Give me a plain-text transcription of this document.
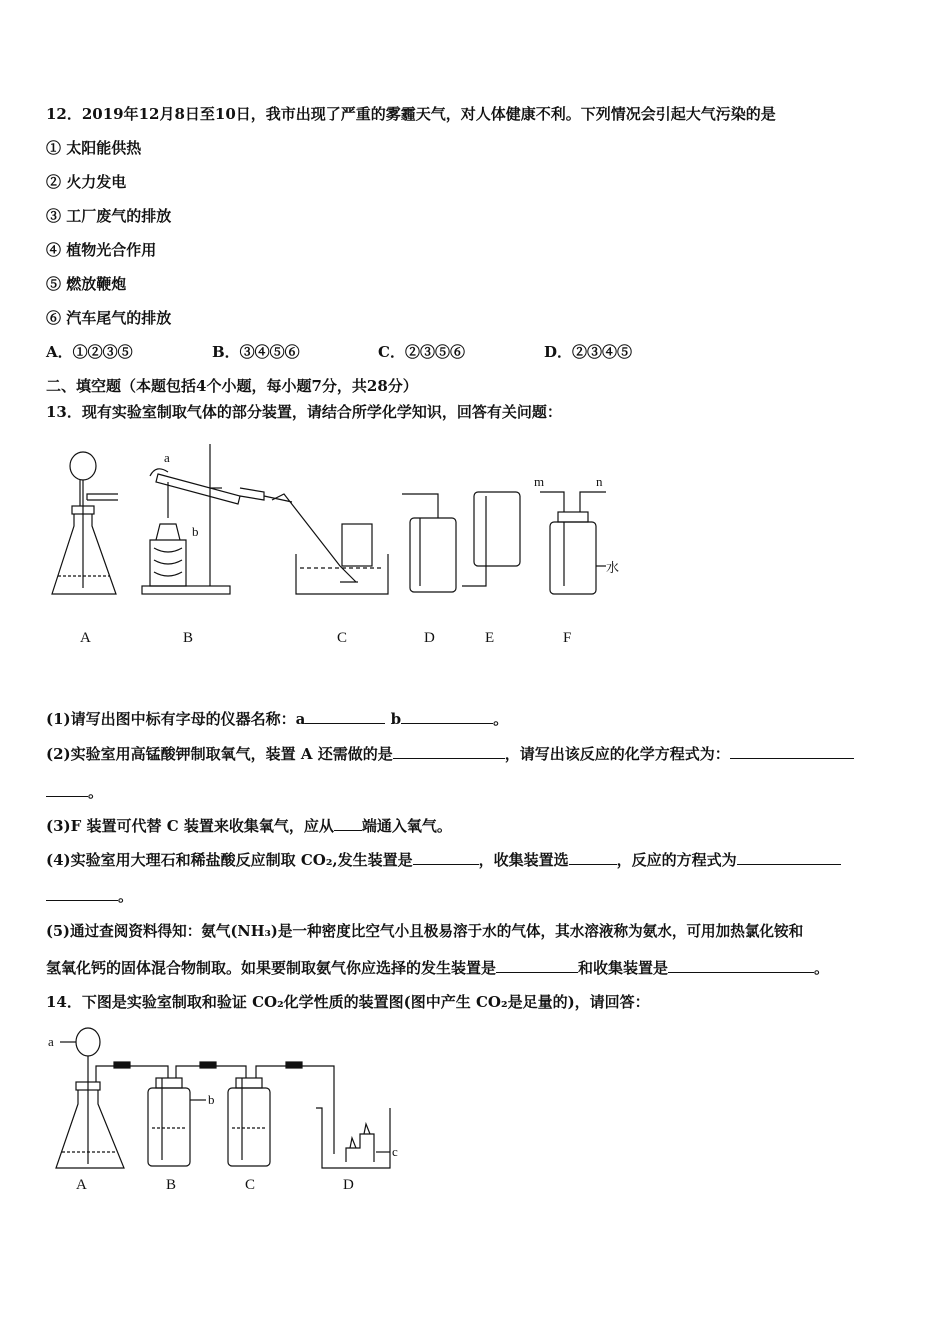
12．2019年12月8日至10日，我市出现了严重的雾霾天气，对人体健康不利。下列情况会引起大气污染的是
① 太阳能供热
② 火力发电
③ 工厂废气的排放
④ 植物光合作用
⑤ 燃放鞭炮
⑥ 汽车尾气的排放
A．①②③⑤	B．③④⑤⑥	C．②③⑤⑥	D．②③④⑤
二、填空题（本题包括4个小题，每小题7分，共28分）
13．现有实验室制取气体的部分装置，请结合所学化学知识，回答有关问题：
a
b
m	n
水
A	B	C	D	E	F
(1)请写出图中标有字母的仪器名称：a	b	。
(2)实验室用高锰酸钾制取氧气，装置 A 还需做的是	，请写出该反应的化学方程式为：
。
(3)F 装置可代替 C 装置来收集氧气，应从 端通入氧气。
(4)实验室用大理石和稀盐酸反应制取 CO₂,发生装置是	，收集装置选	，反应的方程式为
。
(5)通过查阅资料得知：氨气(NH₃)是一种密度比空气小且极易溶于水的气体，其水溶液称为氨水，可用加热氯化铵和
氢氧化钙的固体混合物制取。如果要制取氨气你应选择的发生装置是	和收集装置是	。
14．下图是实验室制取和验证 CO₂化学性质的装置图(图中产生 CO₂是足量的)，请回答：
a
b
c
A	B	C	D
